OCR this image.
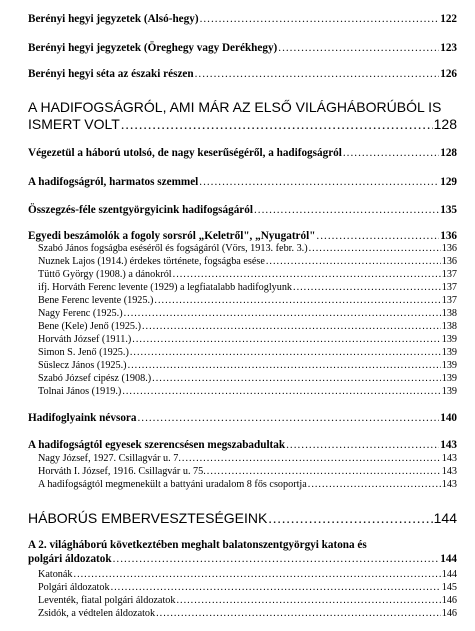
Berényi hegyi jegyzetek (Alsó-hegy) .....	122
Berényi hegyi jegyzetek (Öreghegy vagy Derékhegy) .....	123
Berényi hegyi séta az északi részen .....	126
A HADIFOGSÁGRÓL, AMI MÁR AZ ELSŐ VILÁGHÁBORÚBÓL IS
ISMERT VOLT .....	128
Végezetül a háború utolsó, de nagy keserűségéről, a hadifogságról .....	128
A hadifogságról, harmatos szemmel .....	129
Összegzés-féle szentgyörgyicink hadifogságáról .....	135
Egyedi beszámolók a fogoly sorsról „Keletről", „Nyugatról" .....	136
Szabó János fogságba eséséről és fogságáról (Vörs, 1913. febr. 3.) .....	136
Nuznek Lajos (1914.) érdekes története, fogságba esése .....	136
Tüttő György (1908.) a dánokról .....	137
ifj. Horváth Ferenc levente (1929) a legfiatalabb hadifoglyunk .....	137
Bene Ferenc levente (1925.) .....	137
Nagy Ferenc (1925.) .....	138
Bene (Kele) Jenő (1925.) .....	138
Horváth József (1911.) .....	139
Simon S. Jenő (1925.) .....	139
Süslecz János (1925.) .....	139
Szabó József cipész (1908.) .....	139
Tolnai János (1919.) .....	139
Hadifoglyaink névsora .....	140
A hadifogságtól egyesek szerencsésen megszabadultak .....	143
Nagy József, 1927. Csillagvár u. 7. .....	143
Horváth I. József, 1916. Csillagvár u. 75. .....	143
A hadifogságtól megmenekült a battyáni uradalom 8 fős csoportja .....	143
HÁBORÚS EMBERVESZTESÉGEINK .....	144
A 2. világháború következtében meghalt balatonszentgyörgyi katona és
polgári áldozatok .....	144
Katonák .....	144
Polgári áldozatok .....	145
Leventék, fiatal polgári áldozatok .....	146
Zsidók, a védtelen áldozatok .....	146
